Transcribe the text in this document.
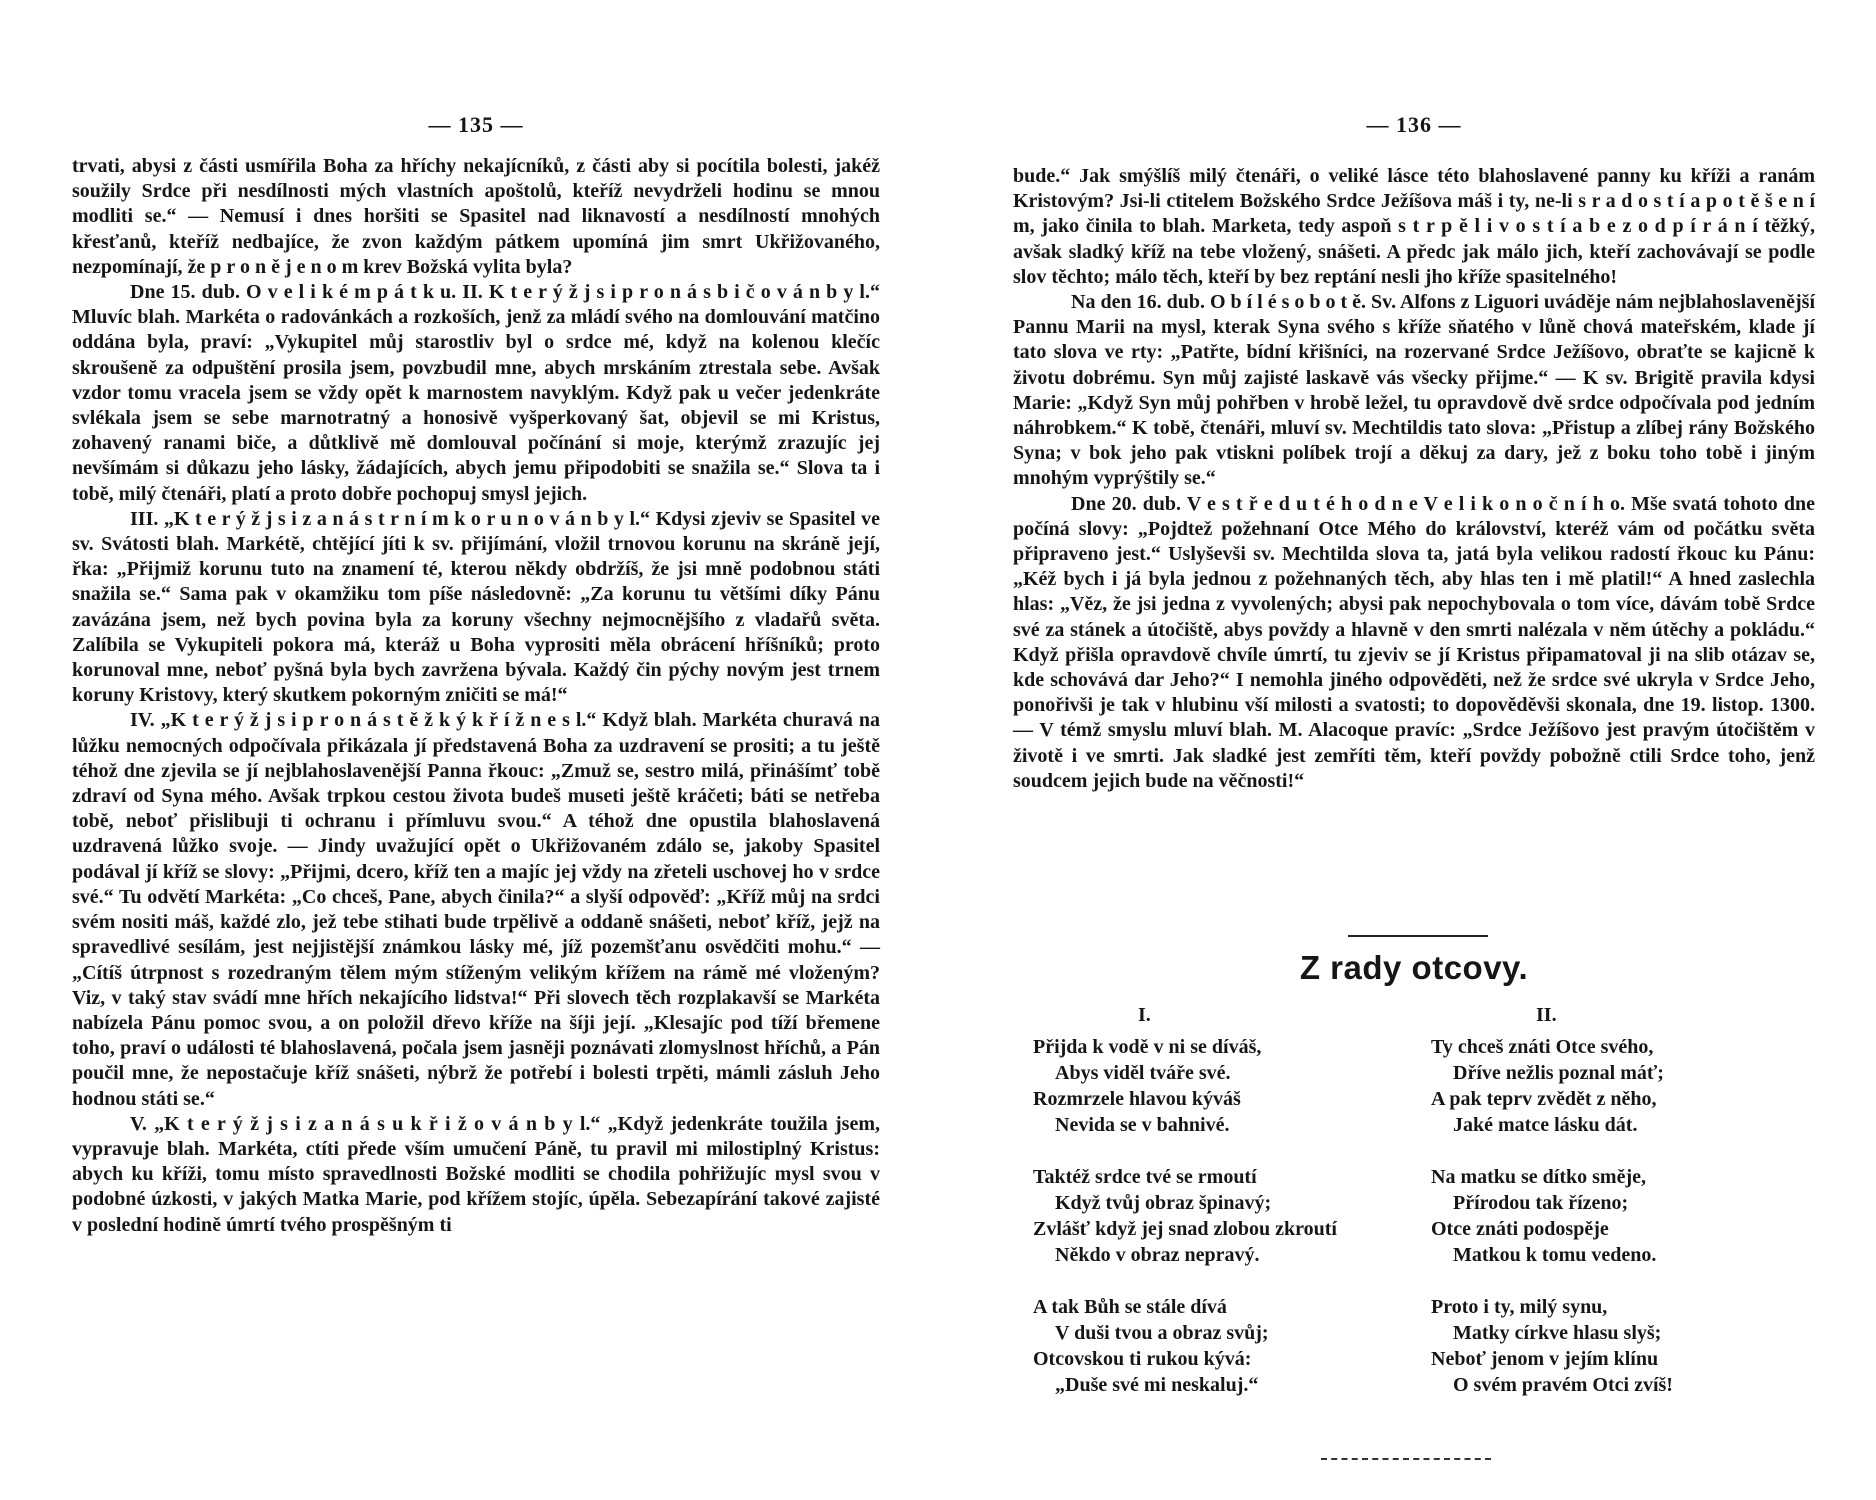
— 135 —

trvati, abysi z části usmířila Boha za hříchy nekajícníků, z části aby si pocítila bolesti, jakéž soužily Srdce při nesdílnosti mých vlastních apoštolů, kteříž nevydrželi hodinu se mnou modliti se.“ — Nemusí i dnes horšiti se Spasitel nad liknavostí a nesdílností mnohých křesťanů, kteříž nedbajíce, že zvon každým pátkem upomíná jim smrt Ukřižovaného, nezpomínají, že p r o n ě j e n o m krev Božská vylita byla?

Dne 15. dub. O v e l i k é m p á t k u. II. K t e r ý ž j s i p r o n á s b i č o v á n b y l.“ Mluvíc blah. Markéta o radovánkách a rozkoších, jenž za mládí svého na domlouvání matčino oddána byla, praví: „Vykupitel můj starostliv byl o srdce mé, když na kolenou klečíc skroušeně za odpuštění prosila jsem, povzbudil mne, abych mrskáním ztrestala sebe. Avšak vzdor tomu vracela jsem se vždy opět k marnostem navyklým. Když pak u večer jedenkráte svlékala jsem se sebe marnotratný a honosivě vyšperkovaný šat, objevil se mi Kristus, zohavený ranami biče, a důtklivě mě domlouval počínání si moje, kterýmž zrazujíc jej nevšímám si důkazu jeho lásky, žádajících, abych jemu připodobiti se snažila se.“ Slova ta i tobě, milý čtenáři, platí a proto dobře pochopuj smysl jejich.

III. „K t e r ý ž j s i z a n á s t r n í m k o r u n o v á n b y l.“ Kdysi zjeviv se Spasitel ve sv. Svátosti blah. Markétě, chtějící jíti k sv. přijímání, vložil trnovou korunu na skráně její, řka: „Přijmiž korunu tuto na znamení té, kterou někdy obdržíš, že jsi mně podobnou státi snažila se.“ Sama pak v okamžiku tom píše následovně: „Za korunu tu většími díky Pánu zavázána jsem, než bych povina byla za koruny všechny nejmocnějšího z vladařů světa. Zalíbila se Vykupiteli pokora má, kteráž u Boha vyprositi měla obrácení hříšníků; proto korunoval mne, neboť pyšná byla bych zavržena bývala. Každý čin pýchy novým jest trnem koruny Kristovy, který skutkem pokorným zničiti se má!“

IV. „K t e r ý ž j s i p r o n á s t ě ž k ý k ř í ž n e s l.“ Když blah. Markéta churavá na lůžku nemocných odpočívala přikázala jí představená Boha za uzdravení se prositi; a tu ještě téhož dne zjevila se jí nejblahoslavenější Panna řkouc: „Zmuž se, sestro milá, přinášímť tobě zdraví od Syna mého. Avšak trpkou cestou života budeš museti ještě kráčeti; báti se netřeba tobě, neboť přislibuji ti ochranu i přímluvu svou.“ A téhož dne opustila blahoslavená uzdravená lůžko svoje. — Jindy uvažující opět o Ukřižovaném zdálo se, jakoby Spasitel podával jí kříž se slovy: „Přijmi, dcero, kříž ten a majíc jej vždy na zřeteli uschovej ho v srdce své.“ Tu odvětí Markéta: „Co chceš, Pane, abych činila?“ a slyší odpověď: „Kříž můj na srdci svém nositi máš, každé zlo, jež tebe stihati bude trpělivě a oddaně snášeti, neboť kříž, jejž na spravedlivé sesílám, jest nejjistější známkou lásky mé, jíž pozemšťanu osvědčiti mohu.“ — „Cítíš útrpnost s rozedraným tělem mým stíženým velikým křížem na rámě mé vloženým? Viz, v taký stav svádí mne hřích nekajícího lidstva!“ Při slovech těch rozplakavší se Markéta nabízela Pánu pomoc svou, a on položil dřevo kříže na šíji její. „Klesajíc pod tíží břemene toho, praví o události té blahoslavená, počala jsem jasněji poznávati zlomyslnost hříchů, a Pán poučil mne, že nepostačuje kříž snášeti, nýbrž že potřebí i bolesti trpěti, mámli zásluh Jeho hodnou státi se.“

V. „K t e r ý ž j s i z a n á s u k ř i ž o v á n b y l.“ „Když jedenkráte toužila jsem, vypravuje blah. Markéta, ctíti přede vším umučení Páně, tu pravil mi milostiplný Kristus: abych ku kříži, tomu místo spravedlnosti Božské modliti se chodila pohřižujíc mysl svou v podobné úzkosti, v jakých Matka Marie, pod křížem stojíc, úpěla. Sebezapírání takové zajisté v poslední hodině úmrtí tvého prospěšným ti

— 136 —

bude.“ Jak smýšlíš milý čtenáři, o veliké lásce této blahoslavené panny ku kříži a ranám Kristovým? Jsi-li ctitelem Božského Srdce Ježíšova máš i ty, ne-li s r a d o s t í a p o t ě š e n í m, jako činila to blah. Marketa, tedy aspoň s t r p ě l i v o s t í a b e z o d p í r á n í těžký, avšak sladký kříž na tebe vložený, snášeti. A předc jak málo jich, kteří zachovávají se podle slov těchto; málo těch, kteří by bez reptání nesli jho kříže spasitelného!

Na den 16. dub. O b í l é s o b o t ě. Sv. Alfons z Liguori uváděje nám nejblahoslavenější Pannu Marii na mysl, kterak Syna svého s kříže sňatého v lůně chová mateřském, klade jí tato slova ve rty: „Patřte, bídní křišníci, na rozervané Srdce Ježíšovo, obraťte se kajicně k životu dobrému. Syn můj zajisté laskavě vás všecky přijme.“ — K sv. Brigitě pravila kdysi Marie: „Když Syn můj pohřben v hrobě ležel, tu opravdově dvě srdce odpočívala pod jedním náhrobkem.“ K tobě, čtenáři, mluví sv. Mechtildis tato slova: „Přistup a zlíbej rány Božského Syna; v bok jeho pak vtiskni políbek trojí a děkuj za dary, jež z boku toho tobě i jiným mnohým vyprýštily se.“

Dne 20. dub. V e s t ř e d u t é h o d n e V e l i k o n o č n í h o. Mše svatá tohoto dne počíná slovy: „Pojdtež požehnaní Otce Mého do království, kteréž vám od počátku světa připraveno jest.“ Uslyševši sv. Mechtilda slova ta, jatá byla velikou radostí řkouc ku Pánu: „Kéž bych i já byla jednou z požehnaných těch, aby hlas ten i mě platil!“ A hned zaslechla hlas: „Věz, že jsi jedna z vyvolených; abysi pak nepochybovala o tom více, dávám tobě Srdce své za stánek a útočiště, abys povždy a hlavně v den smrti nalézala v něm útěchy a pokládu.“ Když přišla opravdově chvíle úmrtí, tu zjeviv se jí Kristus připamatoval ji na slib otázav se, kde schovává dar Jeho?“ I nemohla jiného odpověděti, než že srdce své ukryla v Srdce Jeho, ponořivši je tak v hlubinu vší milosti a svatosti; to dopověděvši skonala, dne 19. listop. 1300. — V témž smyslu mluví blah. M. Alacoque pravíc: „Srdce Ježíšovo jest pravým útočištěm v životě i ve smrti. Jak sladké jest zemříti těm, kteří povždy pobožně ctili Srdce toho, jenž soudcem jejich bude na věčnosti!“

Z rady otcovy.
I.
Přijda k vodě v ni se díváš,
Abys viděl tváře své.
Rozmrzele hlavou kýváš
Nevida se v bahnivé.
Taktéž srdce tvé se rmoutí
Když tvůj obraz špinavý;
Zvlášť když jej snad zlobou zkroutí
Někdo v obraz nepravý.
A tak Bůh se stále dívá
V duši tvou a obraz svůj;
Otcovskou ti rukou kývá:
„Duše své mi neskaluj.“
II.
Ty chceš znáti Otce svého,
Dříve nežlis poznal máť;
A pak teprv zvědět z něho,
Jaké matce lásku dát.
Na matku se dítko směje,
Přírodou tak řízeno;
Otce znáti podospěje
Matkou k tomu vedeno.
Proto i ty, milý synu,
Matky církve hlasu slyš;
Neboť jenom v jejím klínu
O svém pravém Otci zvíš!
